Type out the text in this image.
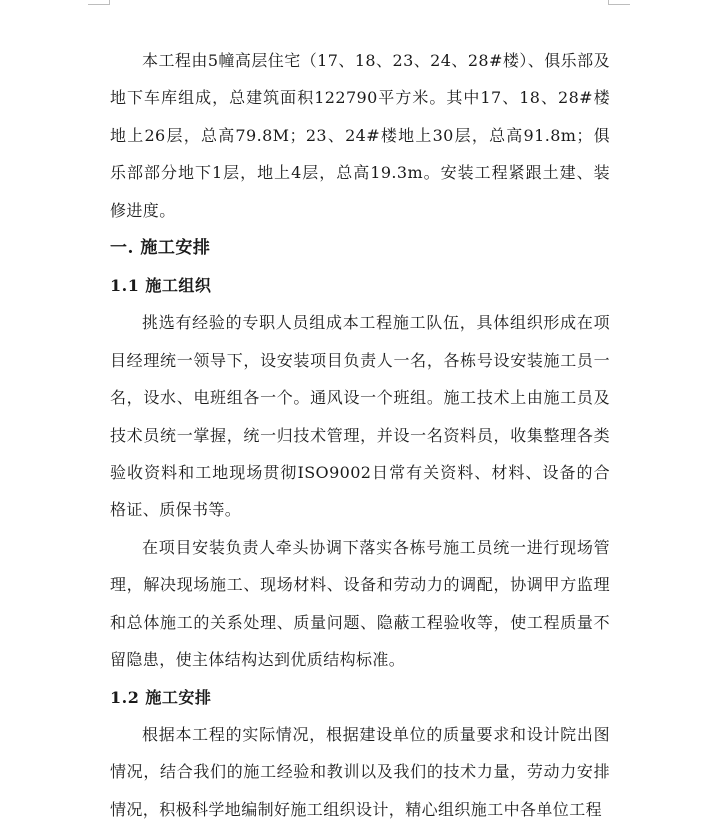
本工程由5幢高层住宅（17、18、23、24、28#楼）、俱乐部及地下车库组成，总建筑面积122790平方米。其中17、18、28#楼地上26层，总高79.8M；23、24#楼地上30层，总高91.8m；俱乐部部分地下1层，地上4层，总高19.3m。安装工程紧跟土建、装修进度。

一. 施工安排

1.1 施工组织

挑选有经验的专职人员组成本工程施工队伍，具体组织形成在项目经理统一领导下，设安装项目负责人一名，各栋号设安装施工员一名，设水、电班组各一个。通风设一个班组。施工技术上由施工员及技术员统一掌握，统一归技术管理，并设一名资料员，收集整理各类验收资料和工地现场贯彻ISO9002日常有关资料、材料、设备的合格证、质保书等。

在项目安装负责人牵头协调下落实各栋号施工员统一进行现场管理，解决现场施工、现场材料、设备和劳动力的调配，协调甲方监理和总体施工的关系处理、质量问题、隐蔽工程验收等，使工程质量不留隐患，使主体结构达到优质结构标准。

1.2 施工安排

根据本工程的实际情况，根据建设单位的质量要求和设计院出图情况，结合我们的施工经验和教训以及我们的技术力量，劳动力安排情况，积极科学地编制好施工组织设计，精心组织施工中各单位工程
